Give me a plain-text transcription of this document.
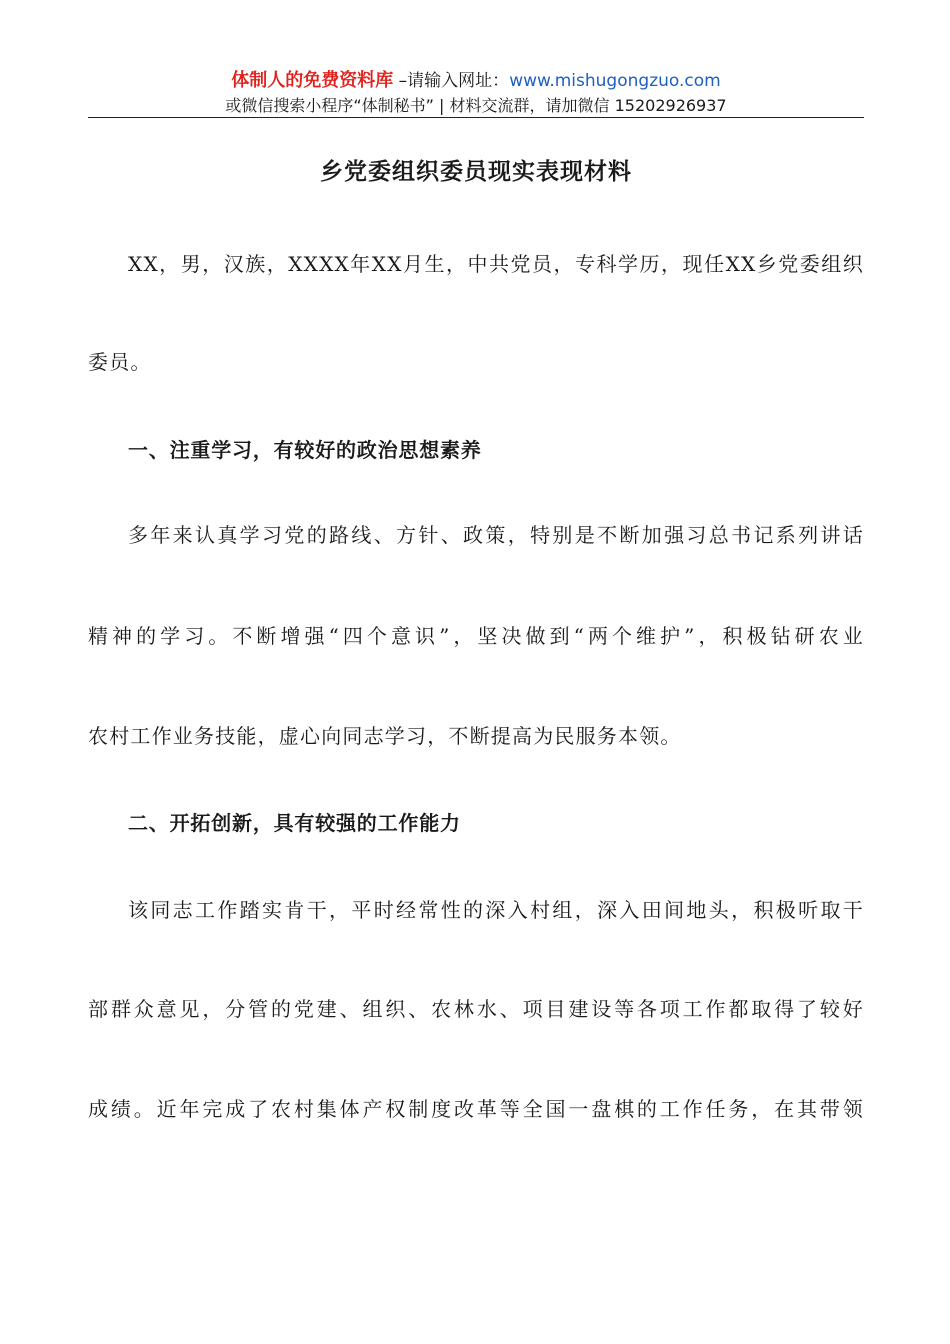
体制人的免费资料库 –请输入网址：www.mishugongzuo.com
或微信搜索小程序“体制秘书” | 材料交流群，请加微信 15202926937
乡党委组织委员现实表现材料
XX，男，汉族，XXXX年XX月生，中共党员，专科学历，现任XX乡党委组织
委员。
一、注重学习，有较好的政治思想素养
多年来认真学习党的路线、方针、政策，特别是不断加强习总书记系列讲话
精神的学习。不断增强“四个意识”，坚决做到“两个维护”，积极钻研农业
农村工作业务技能，虚心向同志学习，不断提高为民服务本领。
二、开拓创新，具有较强的工作能力
该同志工作踏实肯干，平时经常性的深入村组，深入田间地头，积极听取干
部群众意见，分管的党建、组织、农林水、项目建设等各项工作都取得了较好
成绩。近年完成了农村集体产权制度改革等全国一盘棋的工作任务，在其带领
